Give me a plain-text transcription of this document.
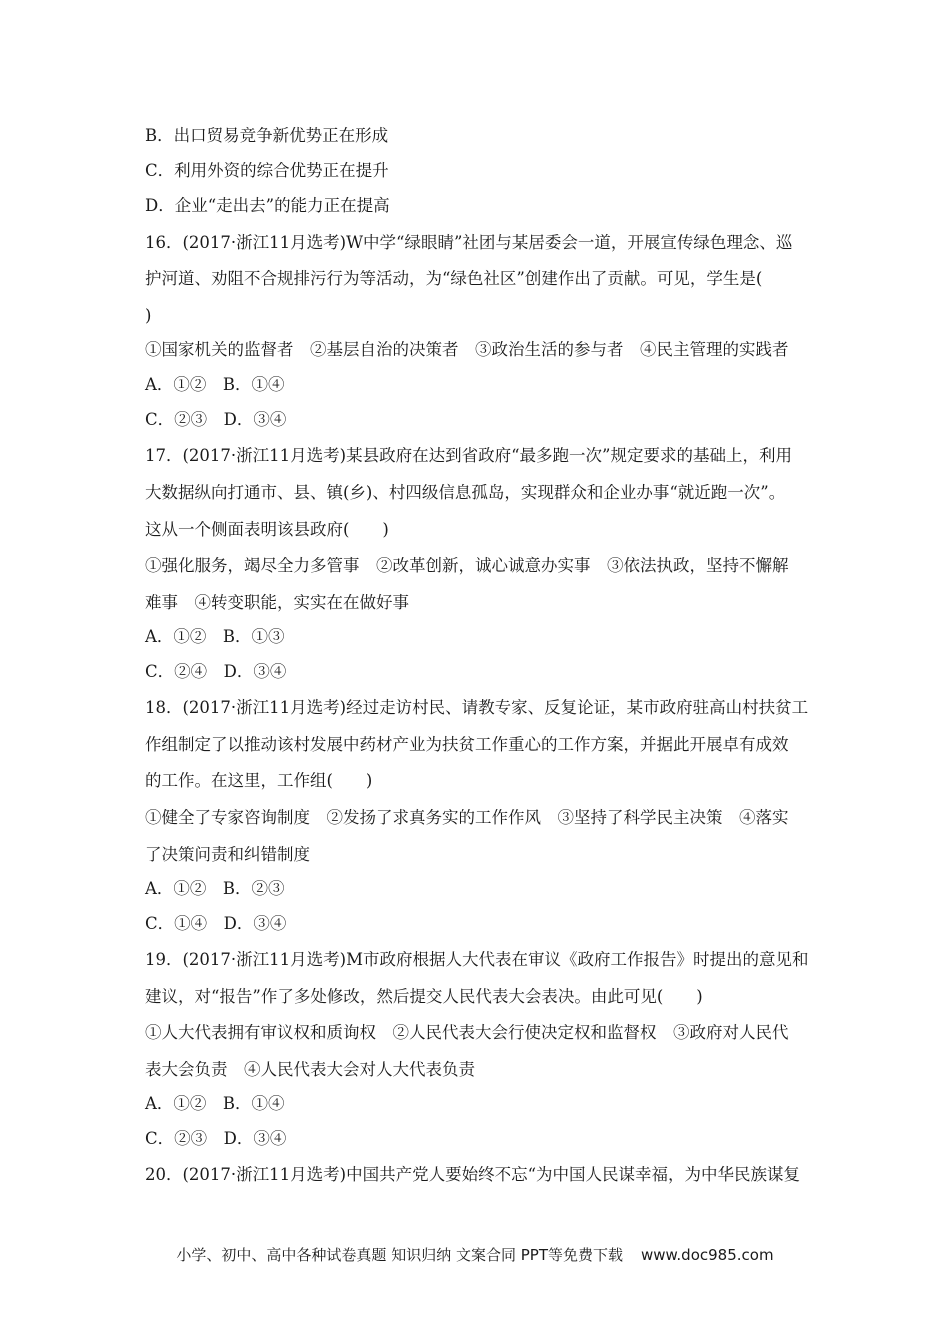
B．出口贸易竞争新优势正在形成
C．利用外资的综合优势正在提升
D．企业“走出去”的能力正在提高
16．(2017·浙江11月选考)W中学“绿眼睛”社团与某居委会一道，开展宣传绿色理念、巡
护河道、劝阻不合规排污行为等活动，为“绿色社区”创建作出了贡献。可见，学生是(
)
①国家机关的监督者　②基层自治的决策者　③政治生活的参与者　④民主管理的实践者
A．①②　B．①④
C．②③　D．③④
17．(2017·浙江11月选考)某县政府在达到省政府“最多跑一次”规定要求的基础上，利用
大数据纵向打通市、县、镇(乡)、村四级信息孤岛，实现群众和企业办事“就近跑一次”。
这从一个侧面表明该县政府(　　)
①强化服务，竭尽全力多管事　②改革创新，诚心诚意办实事　③依法执政，坚持不懈解
难事　④转变职能，实实在在做好事
A．①②　B．①③
C．②④　D．③④
18．(2017·浙江11月选考)经过走访村民、请教专家、反复论证，某市政府驻高山村扶贫工
作组制定了以推动该村发展中药材产业为扶贫工作重心的工作方案，并据此开展卓有成效
的工作。在这里，工作组(　　)
①健全了专家咨询制度　②发扬了求真务实的工作作风　③坚持了科学民主决策　④落实
了决策问责和纠错制度
A．①②　B．②③
C．①④　D．③④
19．(2017·浙江11月选考)M市政府根据人大代表在审议《政府工作报告》时提出的意见和
建议，对“报告”作了多处修改，然后提交人民代表大会表决。由此可见(　　)
①人大代表拥有审议权和质询权　②人民代表大会行使决定权和监督权　③政府对人民代
表大会负责　④人民代表大会对人大代表负责
A．①②　B．①④
C．②③　D．③④
20．(2017·浙江11月选考)中国共产党人要始终不忘“为中国人民谋幸福，为中华民族谋复
小学、初中、高中各种试卷真题 知识归纳 文案合同 PPT等免费下载 www.doc985.com
